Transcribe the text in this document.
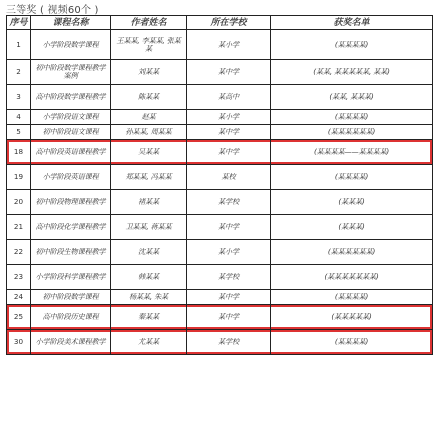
三等奖 ( 视频60个 )
序号	课程名称	作者姓名	所在学校	获奖名单
1	小学阶段数学课程	王某某, 李某某, 张某某	某小学	(某某某某)
2	初中阶段数学课程教学案例	刘某某	某中学	(某某, 某某某某某, 某某)
3	高中阶段数学课程教学	陈某某	某高中	(某某, 某某某)
4	小学阶段语文课程	赵某	某小学	(某某某某)
5	初中阶段语文课程	孙某某, 周某某	某中学	(某某某某某某)
18	高中阶段英语课程教学	吴某某	某中学	(某某某某——某某某某)
19	小学阶段英语课程	郑某某, 冯某某	某校	(某某某某)
20	初中阶段物理课程教学	褚某某	某学校	(某某某)
21	高中阶段化学课程教学	卫某某, 蒋某某	某中学	(某某某)
22	初中阶段生物课程教学	沈某某	某小学	(某某某某某某)
23	小学阶段科学课程教学	韩某某	某学校	(某某某某某某某)
24	初中阶段数学课程	杨某某, 朱某	某中学	(某某某某)
25	高中阶段历史课程	秦某某	某中学	(某某某某某)
30	小学阶段美术课程教学	尤某某	某学校	(某某某某)
